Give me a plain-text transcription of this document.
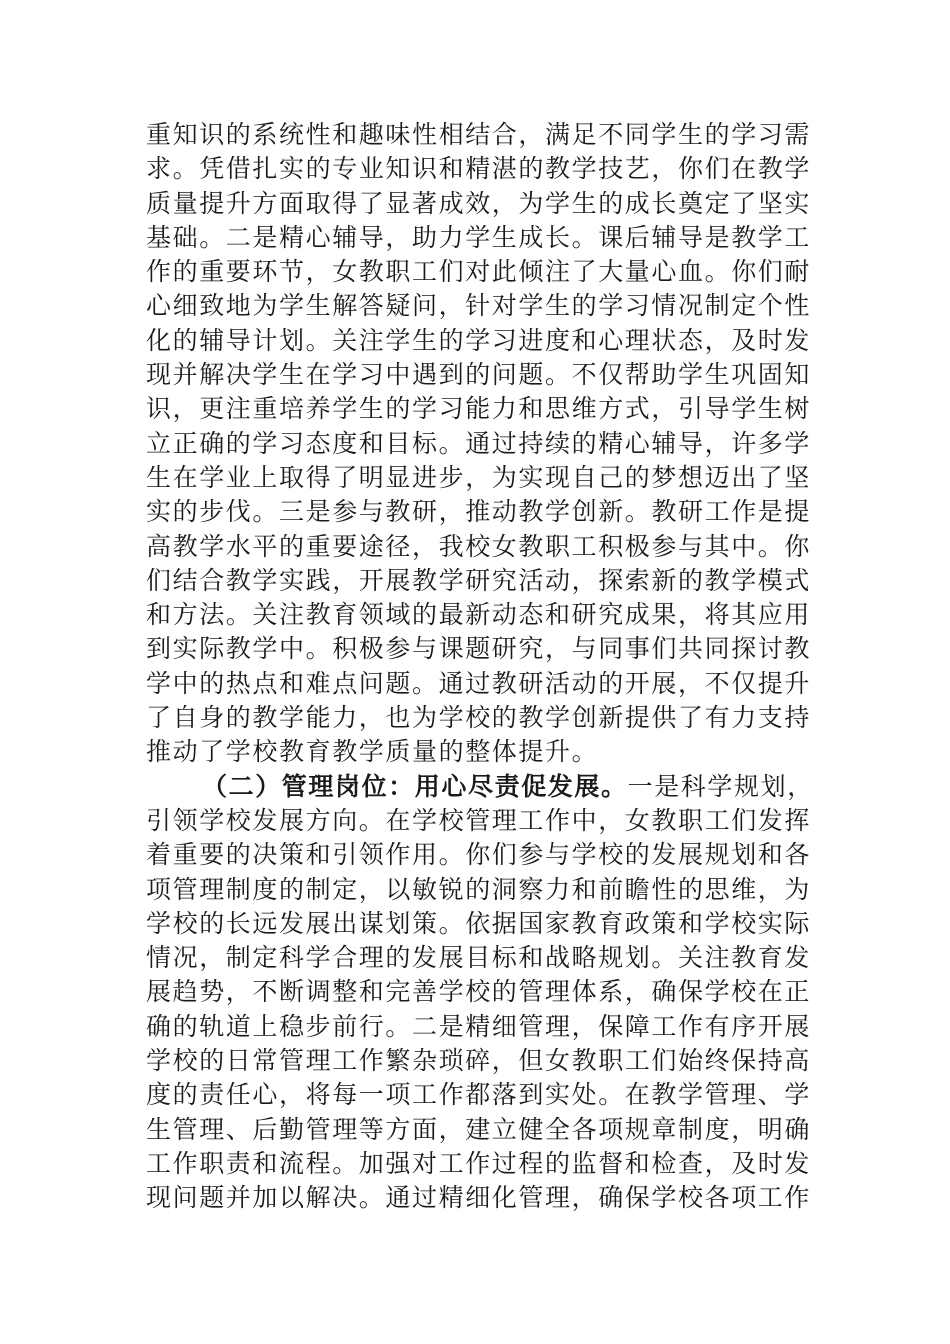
重知识的系统性和趣味性相结合，满足不同学生的学习需
求。凭借扎实的专业知识和精湛的教学技艺，你们在教学
质量提升方面取得了显著成效，为学生的成长奠定了坚实
基础。二是精心辅导，助力学生成长。课后辅导是教学工
作的重要环节，女教职工们对此倾注了大量心血。你们耐
心细致地为学生解答疑问，针对学生的学习情况制定个性
化的辅导计划。关注学生的学习进度和心理状态，及时发
现并解决学生在学习中遇到的问题。不仅帮助学生巩固知
识，更注重培养学生的学习能力和思维方式，引导学生树
立正确的学习态度和目标。通过持续的精心辅导，许多学
生在学业上取得了明显进步，为实现自己的梦想迈出了坚
实的步伐。三是参与教研，推动教学创新。教研工作是提
高教学水平的重要途径，我校女教职工积极参与其中。你
们结合教学实践，开展教学研究活动，探索新的教学模式
和方法。关注教育领域的最新动态和研究成果，将其应用
到实际教学中。积极参与课题研究，与同事们共同探讨教
学中的热点和难点问题。通过教研活动的开展，不仅提升
了自身的教学能力，也为学校的教学创新提供了有力支持
推动了学校教育教学质量的整体提升。
（二）管理岗位：用心尽责促发展。一是科学规划，
引领学校发展方向。在学校管理工作中，女教职工们发挥
着重要的决策和引领作用。你们参与学校的发展规划和各
项管理制度的制定，以敏锐的洞察力和前瞻性的思维，为
学校的长远发展出谋划策。依据国家教育政策和学校实际
情况，制定科学合理的发展目标和战略规划。关注教育发
展趋势，不断调整和完善学校的管理体系，确保学校在正
确的轨道上稳步前行。二是精细管理，保障工作有序开展
学校的日常管理工作繁杂琐碎，但女教职工们始终保持高
度的责任心，将每一项工作都落到实处。在教学管理、学
生管理、后勤管理等方面，建立健全各项规章制度，明确
工作职责和流程。加强对工作过程的监督和检查，及时发
现问题并加以解决。通过精细化管理，确保学校各项工作
